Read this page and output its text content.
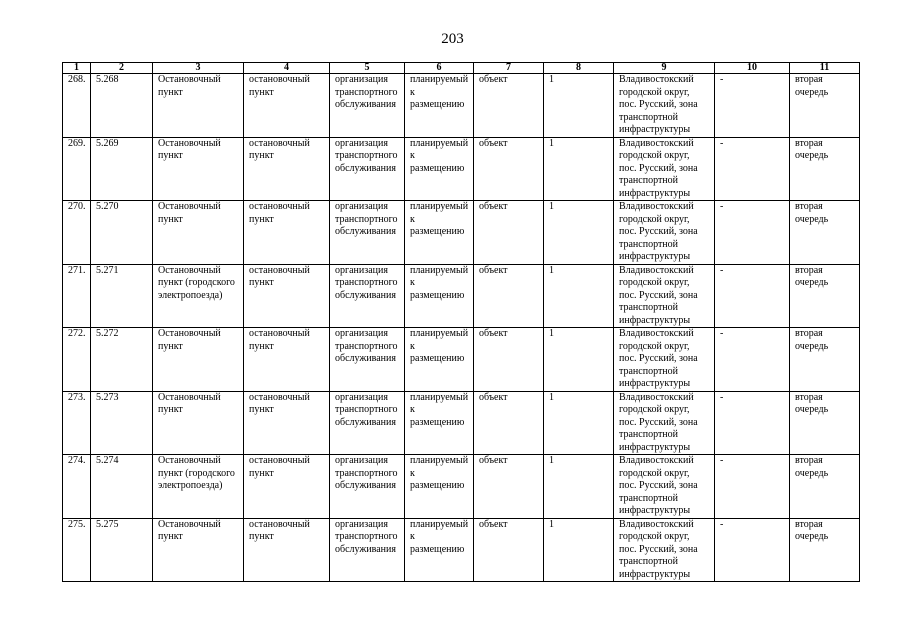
203
1	2	3	4	5	6	7	8	9	10	11
268.	5.268	Остановочный пункт	остановочный пункт	организация транспортного обслуживания	планируемый к размещению	объект	1	Владивостокский городской округ, пос. Русский, зона транспортной инфраструктуры	-	вторая очередь
269.	5.269	Остановочный пункт	остановочный пункт	организация транспортного обслуживания	планируемый к размещению	объект	1	Владивостокский городской округ, пос. Русский, зона транспортной инфраструктуры	-	вторая очередь
270.	5.270	Остановочный пункт	остановочный пункт	организация транспортного обслуживания	планируемый к размещению	объект	1	Владивостокский городской округ, пос. Русский, зона транспортной инфраструктуры	-	вторая очередь
271.	5.271	Остановочный пункт (городского электропоезда)	остановочный пункт	организация транспортного обслуживания	планируемый к размещению	объект	1	Владивостокский городской округ, пос. Русский, зона транспортной инфраструктуры	-	вторая очередь
272.	5.272	Остановочный пункт	остановочный пункт	организация транспортного обслуживания	планируемый к размещению	объект	1	Владивостокский городской округ, пос. Русский, зона транспортной инфраструктуры	-	вторая очередь
273.	5.273	Остановочный пункт	остановочный пункт	организация транспортного обслуживания	планируемый к размещению	объект	1	Владивостокский городской округ, пос. Русский, зона транспортной инфраструктуры	-	вторая очередь
274.	5.274	Остановочный пункт (городского электропоезда)	остановочный пункт	организация транспортного обслуживания	планируемый к размещению	объект	1	Владивостокский городской округ, пос. Русский, зона транспортной инфраструктуры	-	вторая очередь
275.	5.275	Остановочный пункт	остановочный пункт	организация транспортного обслуживания	планируемый к размещению	объект	1	Владивостокский городской округ, пос. Русский, зона транспортной инфраструктуры	-	вторая очередь
